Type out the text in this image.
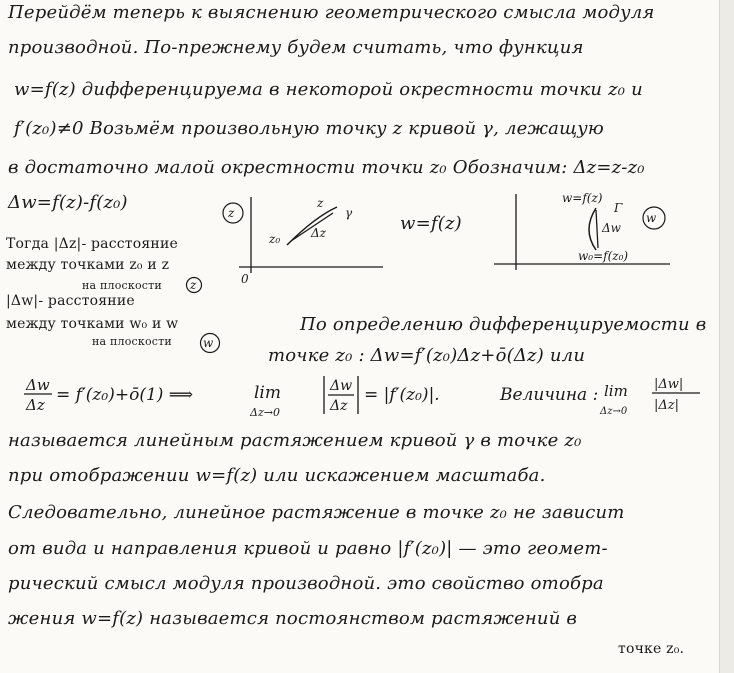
Перейдём теперь к выяснению геометрического смысла модуля
производной. По-прежнему будем считать, что функция
w=f(z) дифференцируема в некоторой окрестности точки z₀ и
f′(z₀)≠0 Возьмём произвольную точку z кривой γ, лежащую
в достаточно малой окрестности точки z₀ Обозначим: Δz=z-z₀
Δw=f(z)-f(z₀)
Тогда |Δz|- расстояние
между точками z₀ и z
на плоскости z
|Δw|- расстояние
между точками w₀ и w
на плоскости	w
z
0
z₀
z
γ
Δz	w=f(z)
w=f(z)
Γ
Δw
w₀=f(z₀)
w
По определению дифференцируемости в
точке z₀ : Δw=f′(z₀)Δz+ō(Δz) или
Δw
Δz = f′(z₀)+ō(1) ⟹	lim
Δz→0
Δw
Δz
= |f′(z₀)|.	Величина : lim
Δz→0
|Δw|
|Δz|
называется линейным растяжением кривой γ в точке z₀
при отображении w=f(z) или искажением масштаба.
Следовательно, линейное растяжение в точке z₀ не зависит
от вида и направления кривой и равно |f′(z₀)| — это геомет-
рический смысл модуля производной. это свойство отобра
жения w=f(z) называется постоянством растяжений в
точке z₀.
